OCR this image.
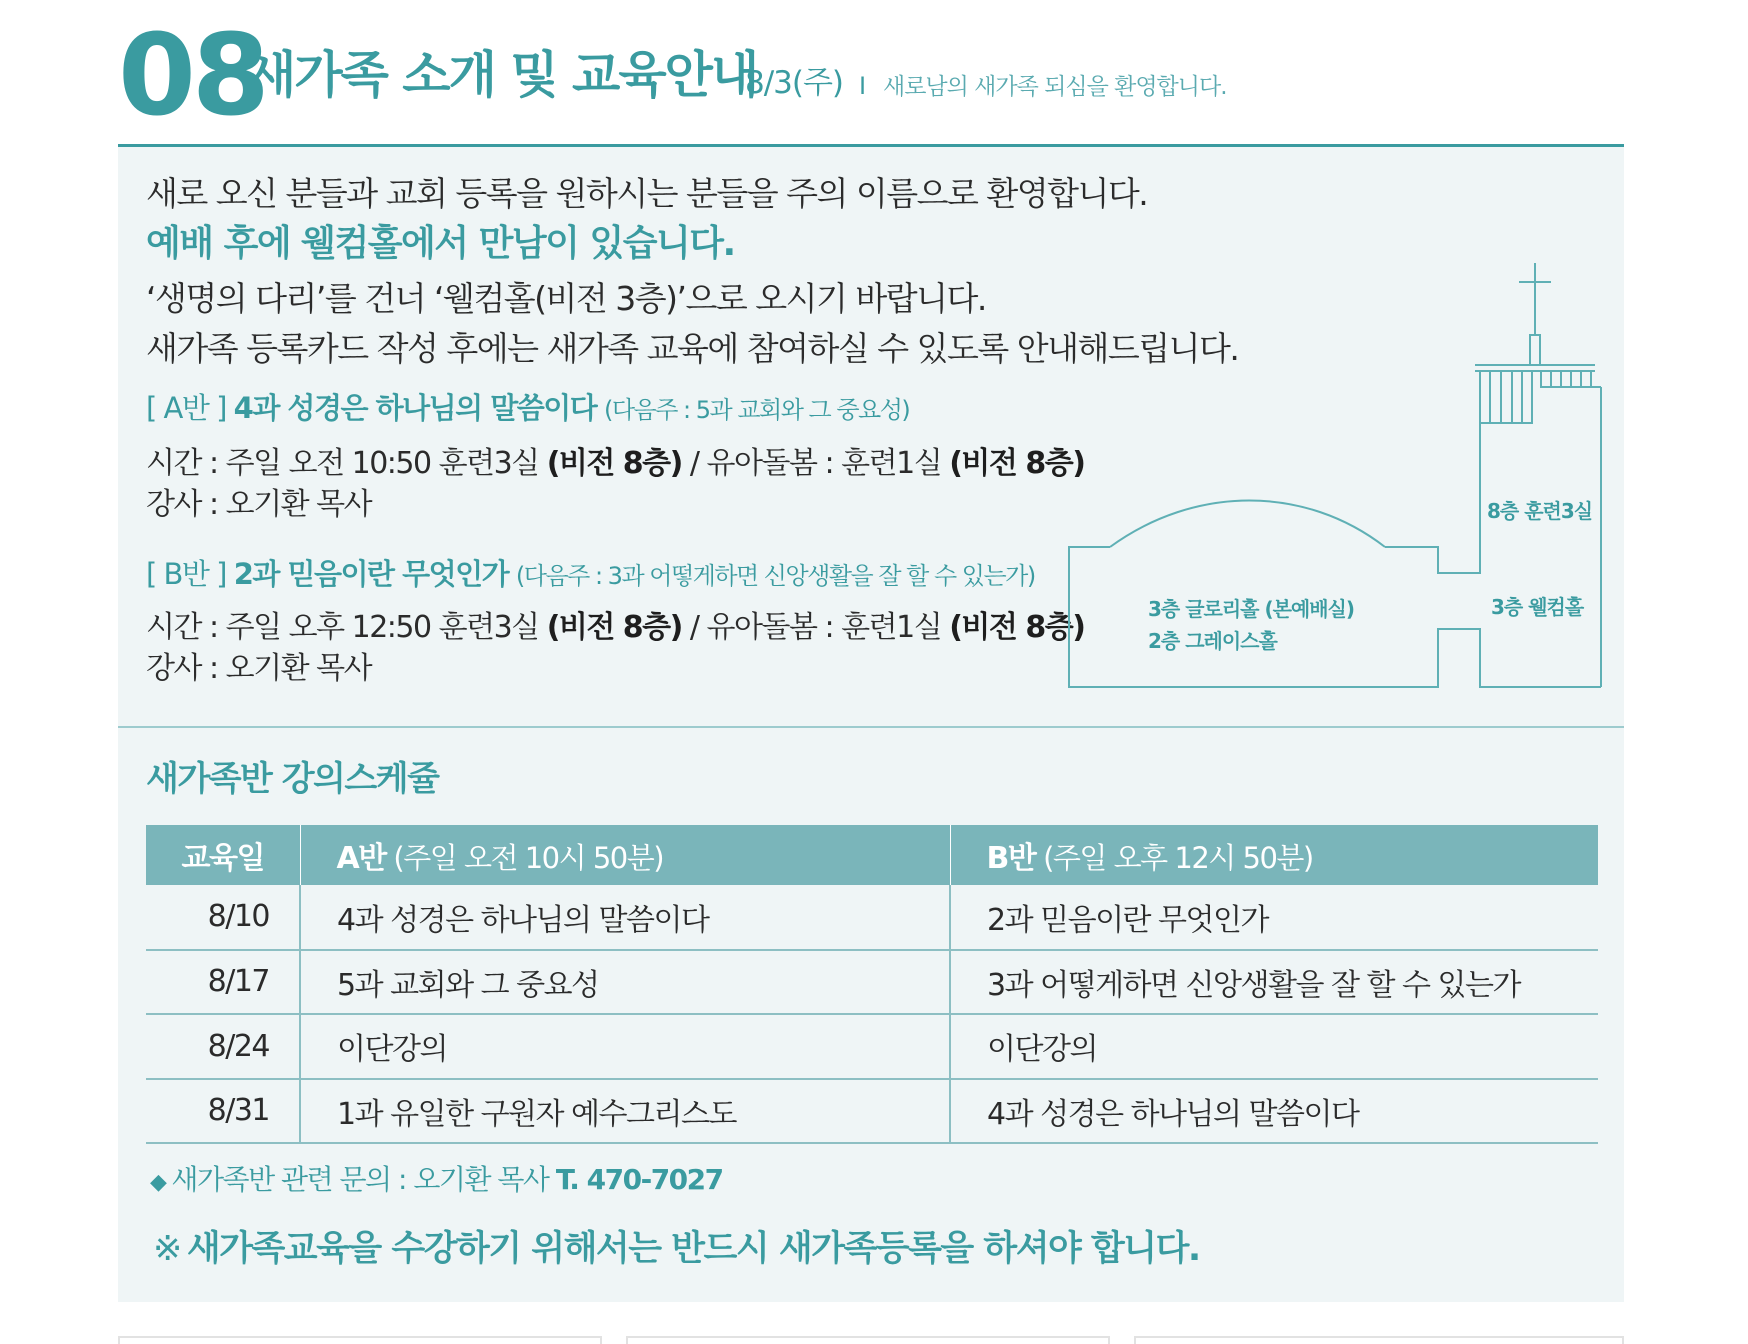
08
새가족 소개 및 교육안내
8/3(주) I 새로남의 새가족 되심을 환영합니다.
새로 오신 분들과 교회 등록을 원하시는 분들을 주의 이름으로 환영합니다.
예배 후에 웰컴홀에서 만남이 있습니다.
‘생명의 다리’를 건너 ‘웰컴홀(비전 3층)’으로 오시기 바랍니다.
새가족 등록카드 작성 후에는 새가족 교육에 참여하실 수 있도록 안내해드립니다.
[ A반 ] 4과 성경은 하나님의 말씀이다 (다음주 : 5과 교회와 그 중요성)
시간 : 주일 오전 10:50 훈련3실 (비전 8층) / 유아돌봄 : 훈련1실 (비전 8층)
강사 : 오기환 목사
[ B반 ] 2과 믿음이란 무엇인가 (다음주 : 3과 어떻게하면 신앙생활을 잘 할 수 있는가)
시간 : 주일 오후 12:50 훈련3실 (비전 8층) / 유아돌봄 : 훈련1실 (비전 8층)
강사 : 오기환 목사
8층 훈련3실
3층 웰컴홀
3층 글로리홀 (본예배실)
2층 그레이스홀
새가족반 강의스케쥴
교육일	A반 (주일 오전 10시 50분)	B반 (주일 오후 12시 50분)
8/10	4과 성경은 하나님의 말씀이다	2과 믿음이란 무엇인가
8/17	5과 교회와 그 중요성	3과 어떻게하면 신앙생활을 잘 할 수 있는가
8/24	이단강의	이단강의
8/31	1과 유일한 구원자 예수그리스도	4과 성경은 하나님의 말씀이다
◆ 새가족반 관련 문의 : 오기환 목사 T. 470-7027
※ 새가족교육을 수강하기 위해서는 반드시 새가족등록을 하셔야 합니다.
